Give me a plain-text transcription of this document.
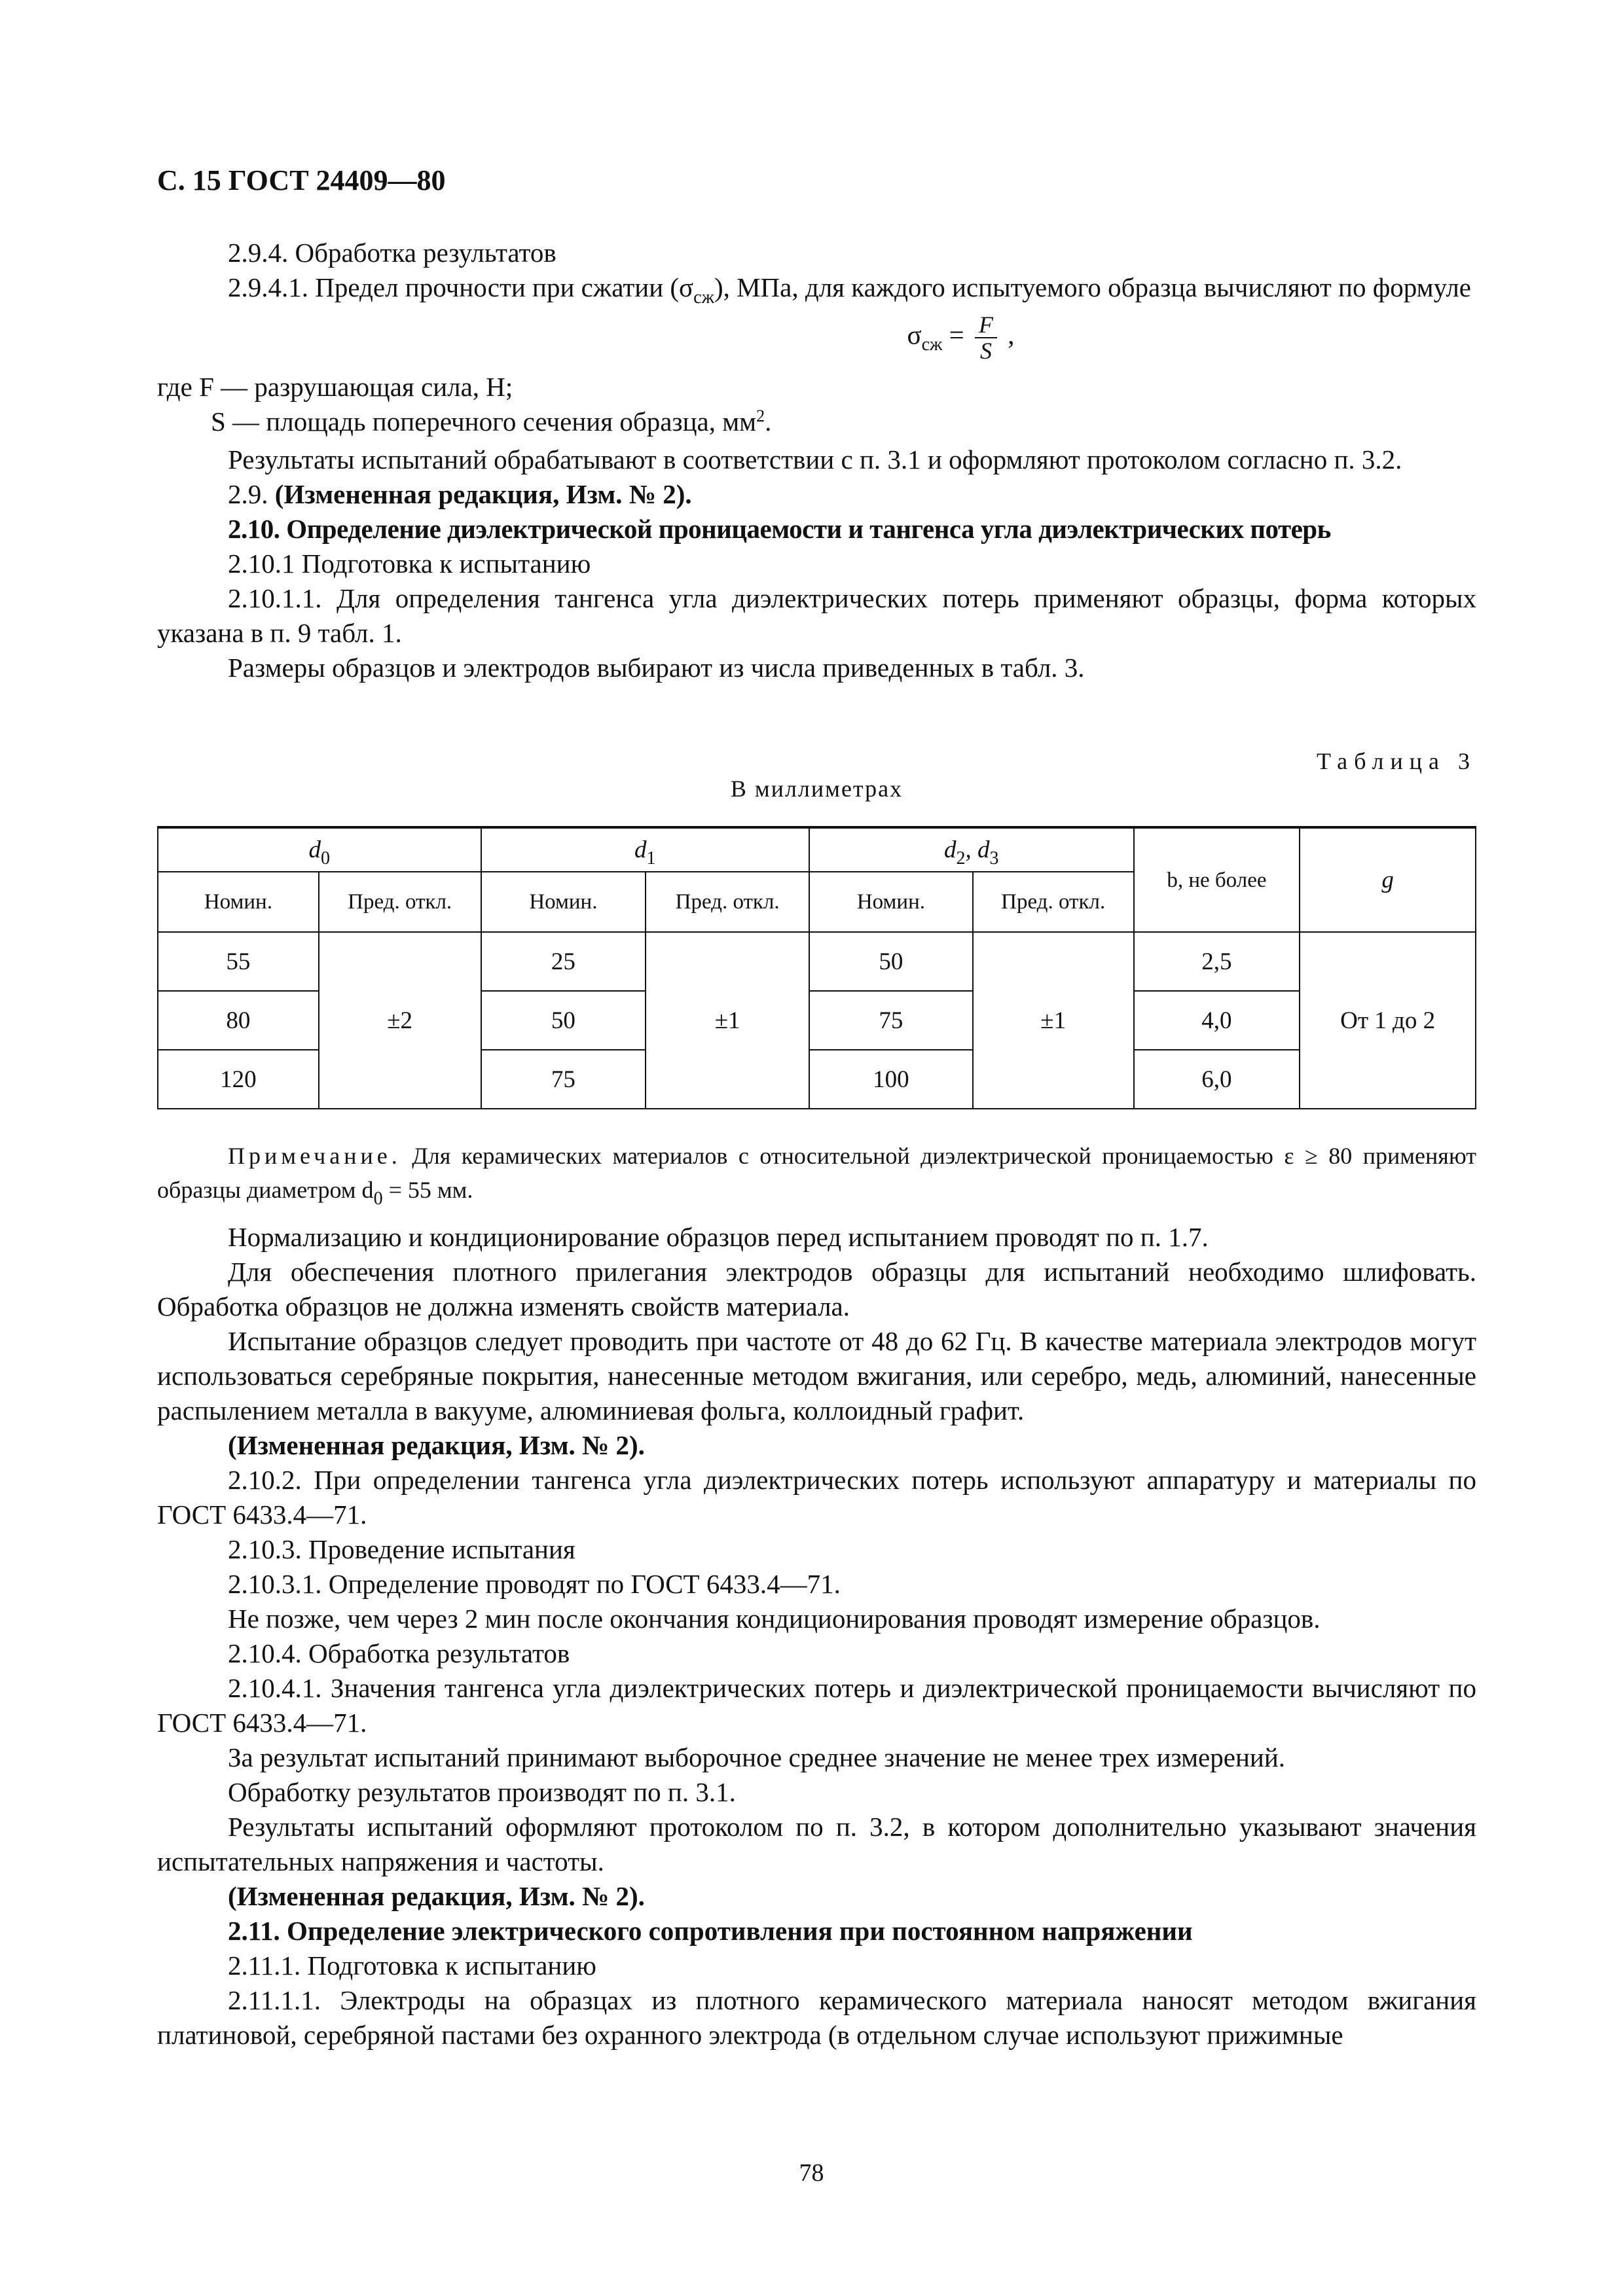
С. 15 ГОСТ 24409—80

2.9.4. Обработка результатов

2.9.4.1. Предел прочности при сжатии $(\sigma_{сж})$, МПа, для каждого испытуемого образца вычисляют по формуле

$\sigma_{сж} = \frac{F}{S}$ ,

где F — разрушающая сила, Н;

S — площадь поперечного сечения образца, $мм^2$.

Результаты испытаний обрабатывают в соответствии с п. 3.1 и оформляют протоколом согласно п. 3.2.

2.9. (Измененная редакция, Изм. № 2).

2.10. Определение диэлектрической проницаемости и тангенса угла диэлектрических потерь

2.10.1 Подготовка к испытанию

2.10.1.1. Для определения тангенса угла диэлектрических потерь применяют образцы, форма которых указана в п. 9 табл. 1.

Размеры образцов и электродов выбирают из числа приведенных в табл. 3.

Таблица 3
В миллиметрах
$d_0$		$d_1$		$d_2$, $d_3$		b, не более	g
Номин.	Пред. откл.	Номин.	Пред. откл.	Номин.	Пред. откл.		
55	±2	25	±1	50	±1	2,5	От 1 до 2
80		50		75		4,0	
120		75		100		6,0	

Примечание. Для керамических материалов с относительной диэлектрической проницаемостью ε ≥ 80 применяют образцы диаметром $d_0 = 55$ мм.

Нормализацию и кондиционирование образцов перед испытанием проводят по п. 1.7.

Для обеспечения плотного прилегания электродов образцы для испытаний необходимо шлифовать. Обработка образцов не должна изменять свойств материала.

Испытание образцов следует проводить при частоте от 48 до 62 Гц. В качестве материала электродов могут использоваться серебряные покрытия, нанесенные методом вжигания, или серебро, медь, алюминий, нанесенные распылением металла в вакууме, алюминиевая фольга, коллоидный графит.

(Измененная редакция, Изм. № 2).

2.10.2. При определении тангенса угла диэлектрических потерь используют аппаратуру и материалы по ГОСТ 6433.4—71.

2.10.3. Проведение испытания

2.10.3.1. Определение проводят по ГОСТ 6433.4—71.

Не позже, чем через 2 мин после окончания кондиционирования проводят измерение образцов.

2.10.4. Обработка результатов

2.10.4.1. Значения тангенса угла диэлектрических потерь и диэлектрической проницаемости вычисляют по ГОСТ 6433.4—71.

За результат испытаний принимают выборочное среднее значение не менее трех измерений.

Обработку результатов производят по п. 3.1.

Результаты испытаний оформляют протоколом по п. 3.2, в котором дополнительно указывают значения испытательных напряжения и частоты.

(Измененная редакция, Изм. № 2).

2.11. Определение электрического сопротивления при постоянном напряжении

2.11.1. Подготовка к испытанию

2.11.1.1. Электроды на образцах из плотного керамического материала наносят методом вжигания платиновой, серебряной пастами без охранного электрода (в отдельном случае используют прижимные

78
